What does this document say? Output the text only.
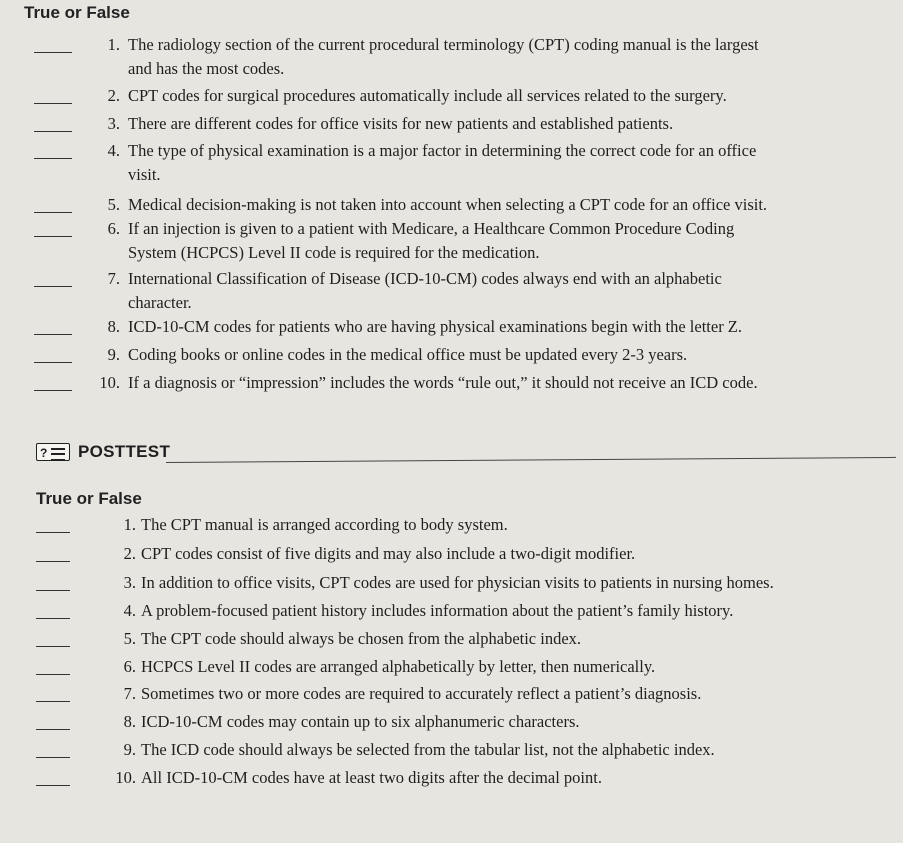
True or False
1. The radiology section of the current procedural terminology (CPT) coding manual is the largest
and has the most codes.
2. CPT codes for surgical procedures automatically include all services related to the surgery.
3. There are different codes for office visits for new patients and established patients.
4. The type of physical examination is a major factor in determining the correct code for an office
visit.
5. Medical decision-making is not taken into account when selecting a CPT code for an office visit.
6. If an injection is given to a patient with Medicare, a Healthcare Common Procedure Coding
System (HCPCS) Level II code is required for the medication.
7. International Classification of Disease (ICD-10-CM) codes always end with an alphabetic
character.
8. ICD-10-CM codes for patients who are having physical examinations begin with the letter Z.
9. Coding books or online codes in the medical office must be updated every 2-3 years.
10. If a diagnosis or “impression” includes the words “rule out,” it should not receive an ICD code.
?	POSTTEST
True or False
1. The CPT manual is arranged according to body system.
2. CPT codes consist of five digits and may also include a two-digit modifier.
3. In addition to office visits, CPT codes are used for physician visits to patients in nursing homes.
4. A problem-focused patient history includes information about the patient’s family history.
5. The CPT code should always be chosen from the alphabetic index.
6. HCPCS Level II codes are arranged alphabetically by letter, then numerically.
7. Sometimes two or more codes are required to accurately reflect a patient’s diagnosis.
8. ICD-10-CM codes may contain up to six alphanumeric characters.
9. The ICD code should always be selected from the tabular list, not the alphabetic index.
10. All ICD-10-CM codes have at least two digits after the decimal point.
